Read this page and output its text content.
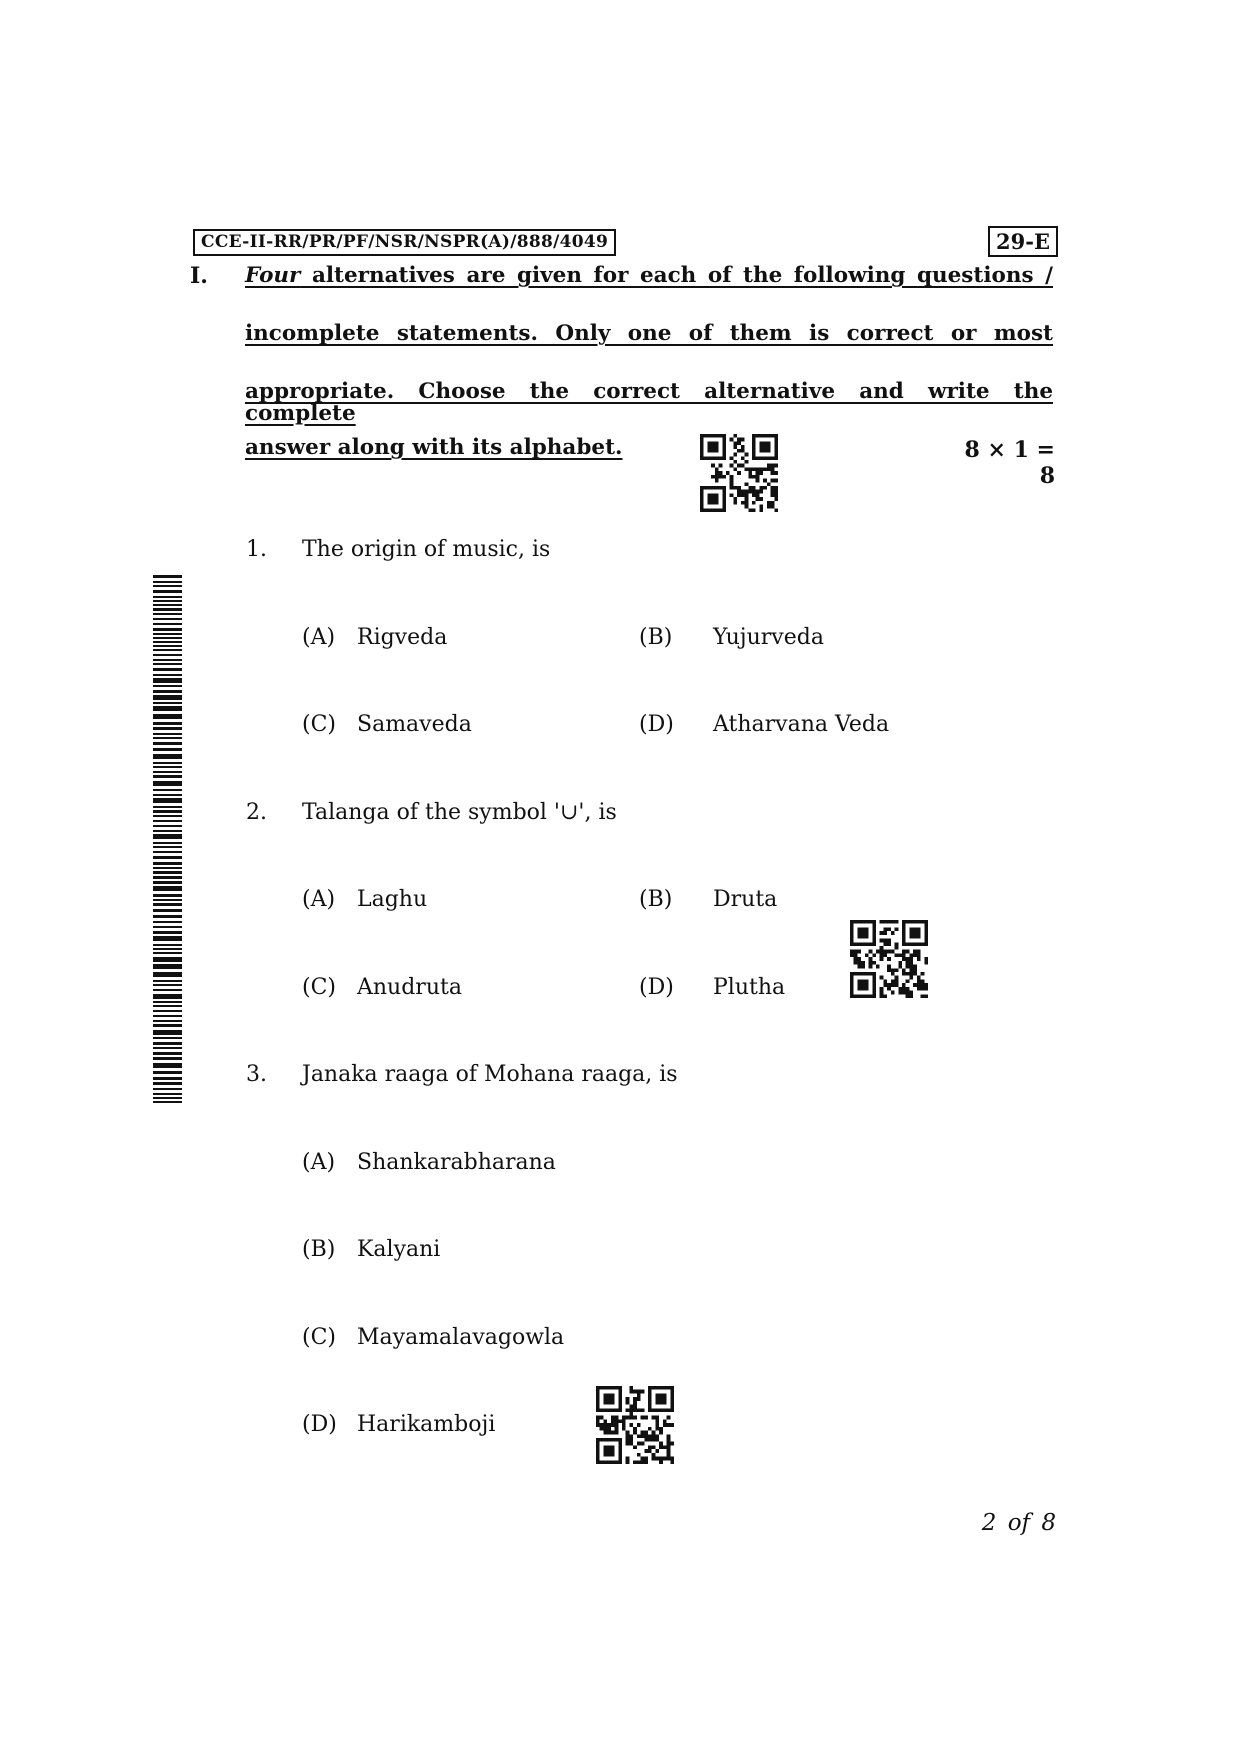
CCE-II-RR/PR/PF/NSR/NSPR(A)/888/4049	29-E
I. Four alternatives are given for each of the following questions /
incomplete statements. Only one of them is correct or most
appropriate. Choose the correct alternative and write the complete
answer along with its alphabet.	8 × 1 = 8
1. The origin of music, is
(A) Rigveda	(B) Yujurveda
(C) Samaveda	(D) Atharvana Veda
2. Talanga of the symbol '∪', is
(A) Laghu	(B) Druta
(C) Anudruta	(D) Plutha
3. Janaka raaga of Mohana raaga, is
(A) Shankarabharana
(B) Kalyani
(C) Mayamalavagowla
(D) Harikamboji
2 of 8
